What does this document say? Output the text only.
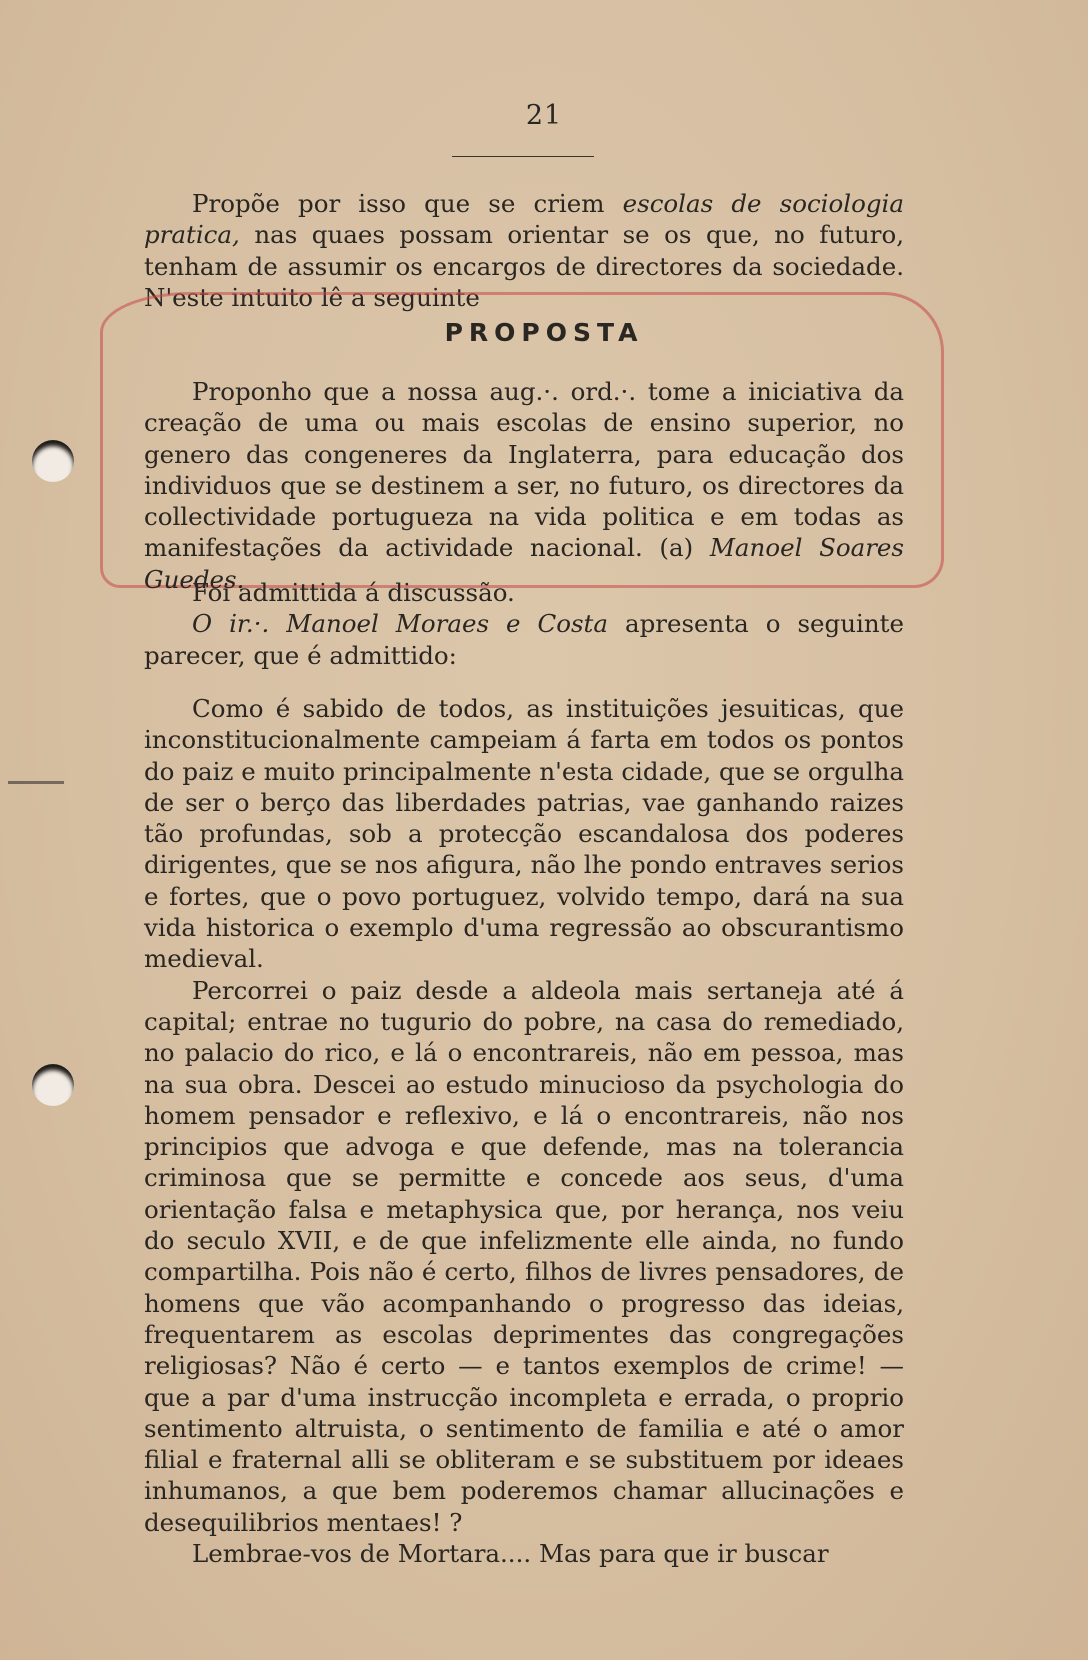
21

Propõe por isso que se criem escolas de sociologia pratica, nas quaes possam orientar se os que, no futuro, tenham de assumir os encargos de directores da sociedade. N'este intuito lê a seguinte

PROPOSTA

Proponho que a nossa aug.·. ord.·. tome a iniciativa da creação de uma ou mais escolas de ensino superior, no genero das congeneres da Inglaterra, para educação dos individuos que se destinem a ser, no futuro, os directores da collectividade portugueza na vida politica e em todas as manifestações da actividade nacional. (a) Manoel Soares Guedes.

Foi admittida á discussão.

O ir.·. Manoel Moraes e Costa apresenta o seguinte parecer, que é admittido:

Como é sabido de todos, as instituições jesuiticas, que inconstitucionalmente campeiam á farta em todos os pontos do paiz e muito principalmente n'esta cidade, que se orgulha de ser o berço das liberdades patrias, vae ganhando raizes tão profundas, sob a protecção escandalosa dos poderes dirigentes, que se nos afigura, não lhe pondo entraves serios e fortes, que o povo portuguez, volvido tempo, dará na sua vida historica o exemplo d'uma regressão ao obscurantismo medieval.

Percorrei o paiz desde a aldeola mais sertaneja até á capital; entrae no tugurio do pobre, na casa do remediado, no palacio do rico, e lá o encontrareis, não em pessoa, mas na sua obra. Descei ao estudo minucioso da psychologia do homem pensador e reflexivo, e lá o encontrareis, não nos principios que advoga e que defende, mas na tolerancia criminosa que se permitte e concede aos seus, d'uma orientação falsa e metaphysica que, por herança, nos veiu do seculo XVII, e de que infelizmente elle ainda, no fundo compartilha. Pois não é certo, filhos de livres pensadores, de homens que vão acompanhando o progresso das ideias, frequentarem as escolas deprimentes das congregações religiosas? Não é certo — e tantos exemplos de crime! — que a par d'uma instrucção incompleta e errada, o proprio sentimento altruista, o sentimento de familia e até o amor filial e fraternal alli se obliteram e se substituem por ideaes inhumanos, a que bem poderemos chamar allucinações e desequilibrios mentaes! ?

Lembrae-vos de Mortara.... Mas para que ir buscar
